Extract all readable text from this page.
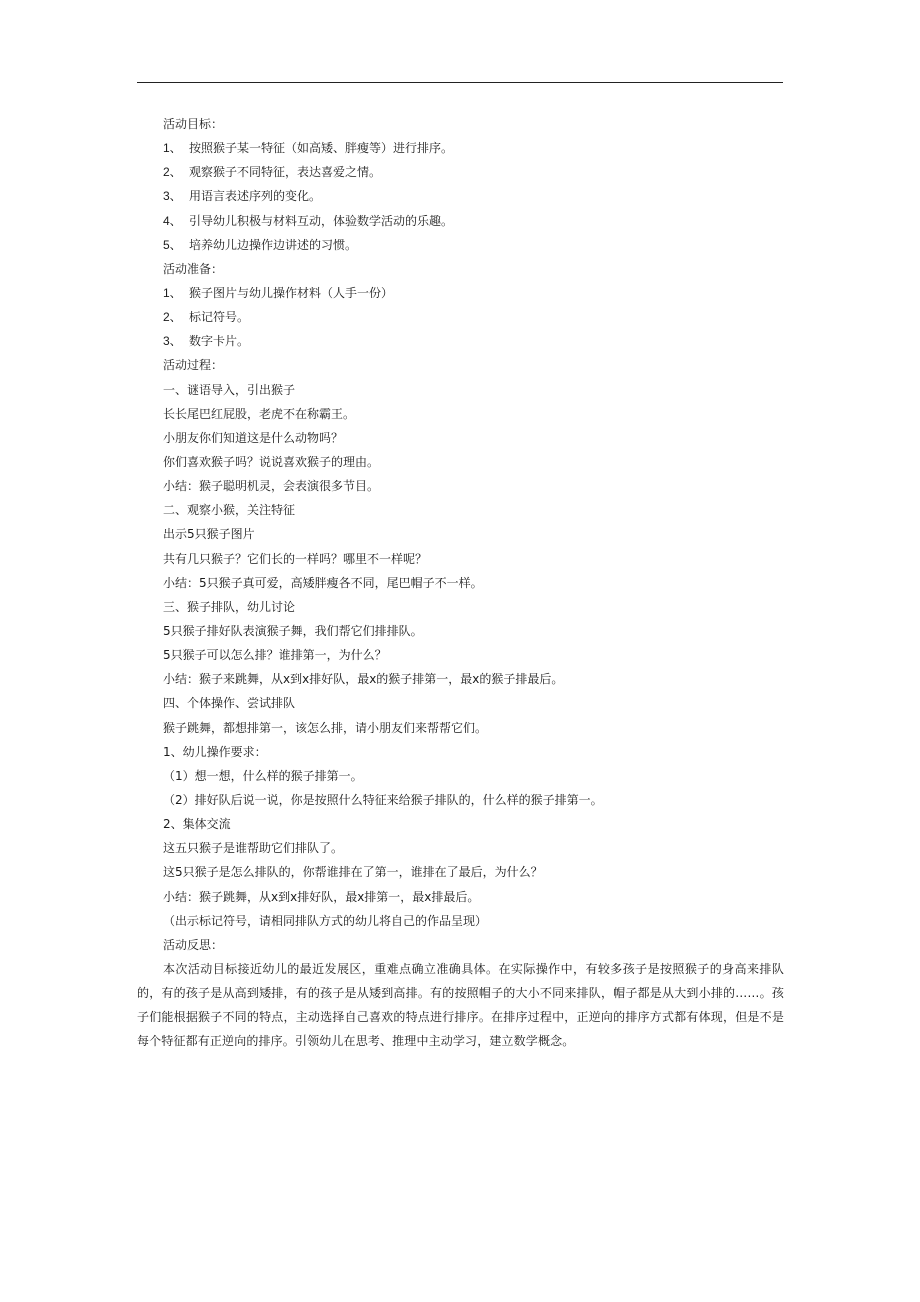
活动目标：
1、 按照猴子某一特征（如高矮、胖瘦等）进行排序。
2、 观察猴子不同特征，表达喜爱之情。
3、 用语言表述序列的变化。
4、 引导幼儿积极与材料互动，体验数学活动的乐趣。
5、 培养幼儿边操作边讲述的习惯。
活动准备：
1、 猴子图片与幼儿操作材料（人手一份）
2、 标记符号。
3、 数字卡片。
活动过程：
一、谜语导入，引出猴子
长长尾巴红屁股，老虎不在称霸王。
小朋友你们知道这是什么动物吗？
你们喜欢猴子吗？说说喜欢猴子的理由。
小结：猴子聪明机灵，会表演很多节目。
二、观察小猴，关注特征
出示5只猴子图片
共有几只猴子？它们长的一样吗？哪里不一样呢？
小结：5只猴子真可爱，高矮胖瘦各不同，尾巴帽子不一样。
三、猴子排队，幼儿讨论
5只猴子排好队表演猴子舞，我们帮它们排排队。
5只猴子可以怎么排？谁排第一，为什么？
小结：猴子来跳舞，从x到x排好队，最x的猴子排第一，最x的猴子排最后。
四、个体操作、尝试排队
猴子跳舞，都想排第一，该怎么排，请小朋友们来帮帮它们。
1、幼儿操作要求：
（1）想一想，什么样的猴子排第一。
（2）排好队后说一说，你是按照什么特征来给猴子排队的，什么样的猴子排第一。
2、集体交流
这五只猴子是谁帮助它们排队了。
这5只猴子是怎么排队的，你帮谁排在了第一，谁排在了最后，为什么？
小结：猴子跳舞，从x到x排好队，最x排第一，最x排最后。
（出示标记符号，请相同排队方式的幼儿将自己的作品呈现）
活动反思：
本次活动目标接近幼儿的最近发展区，重难点确立准确具体。在实际操作中，有较多孩子是按照猴子的身高来排队的，有的孩子是从高到矮排，有的孩子是从矮到高排。有的按照帽子的大小不同来排队，帽子都是从大到小排的……。孩子们能根据猴子不同的特点，主动选择自己喜欢的特点进行排序。在排序过程中，正逆向的排序方式都有体现，但是不是每个特征都有正逆向的排序。引领幼儿在思考、推理中主动学习，建立数学概念。
